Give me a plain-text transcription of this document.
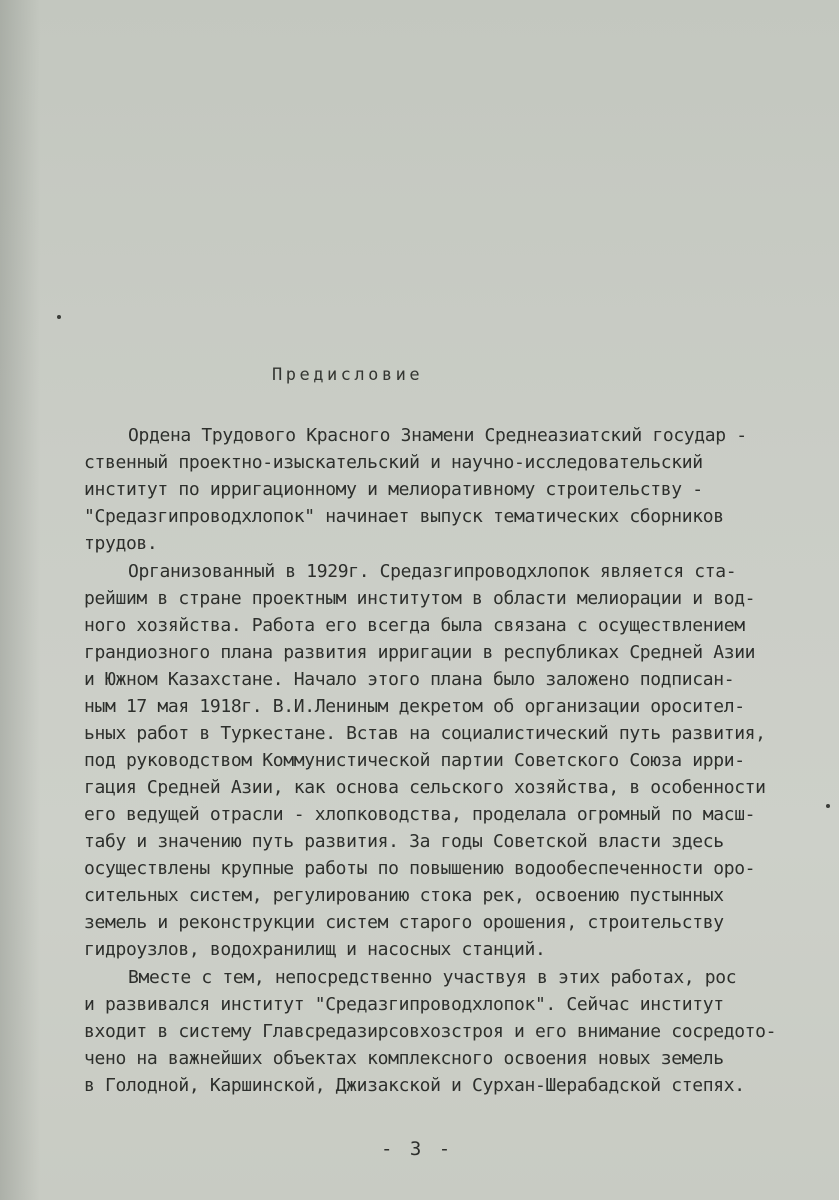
Предисловие
Ордена Трудового Красного Знамени Среднеазиатский государ -
ственный проектно-изыскательский и научно-исследовательский
институт по ирригационному и мелиоративному строительству -
"Средазгипроводхлопок" начинает выпуск тематических сборников
трудов.
Организованный в 1929г. Средазгипроводхлопок является ста-
рейшим в стране проектным институтом в области мелиорации и вод-
ного хозяйства. Работа его всегда была связана с осуществлением
грандиозного плана развития ирригации в республиках Средней Азии
и Южном Казахстане. Начало этого плана было заложено подписан-
ным 17 мая 1918г. В.И.Лениным декретом об организации оросител-
ьных работ в Туркестане. Встав на социалистический путь развития,
под руководством Коммунистической партии Советского Союза ирри-
гация Средней Азии, как основа сельского хозяйства, в особенности
его ведущей отрасли - хлопководства, проделала огромный по масш-
табу и значению путь развития. За годы Советской власти здесь
осуществлены крупные работы по повышению водообеспеченности оро-
сительных систем, регулированию стока рек, освоению пустынных
земель и реконструкции систем старого орошения, строительству
гидроузлов, водохранилищ и насосных станций.
Вместе с тем, непосредственно участвуя в этих работах, рос
и развивался институт "Средазгипроводхлопок". Сейчас институт
входит в систему Главсредазирсовхозстроя и его внимание сосредото-
чено на важнейших объектах комплексного освоения новых земель
в Голодной, Каршинской, Джизакской и Сурхан-Шерабадской степях.
- 3 -
